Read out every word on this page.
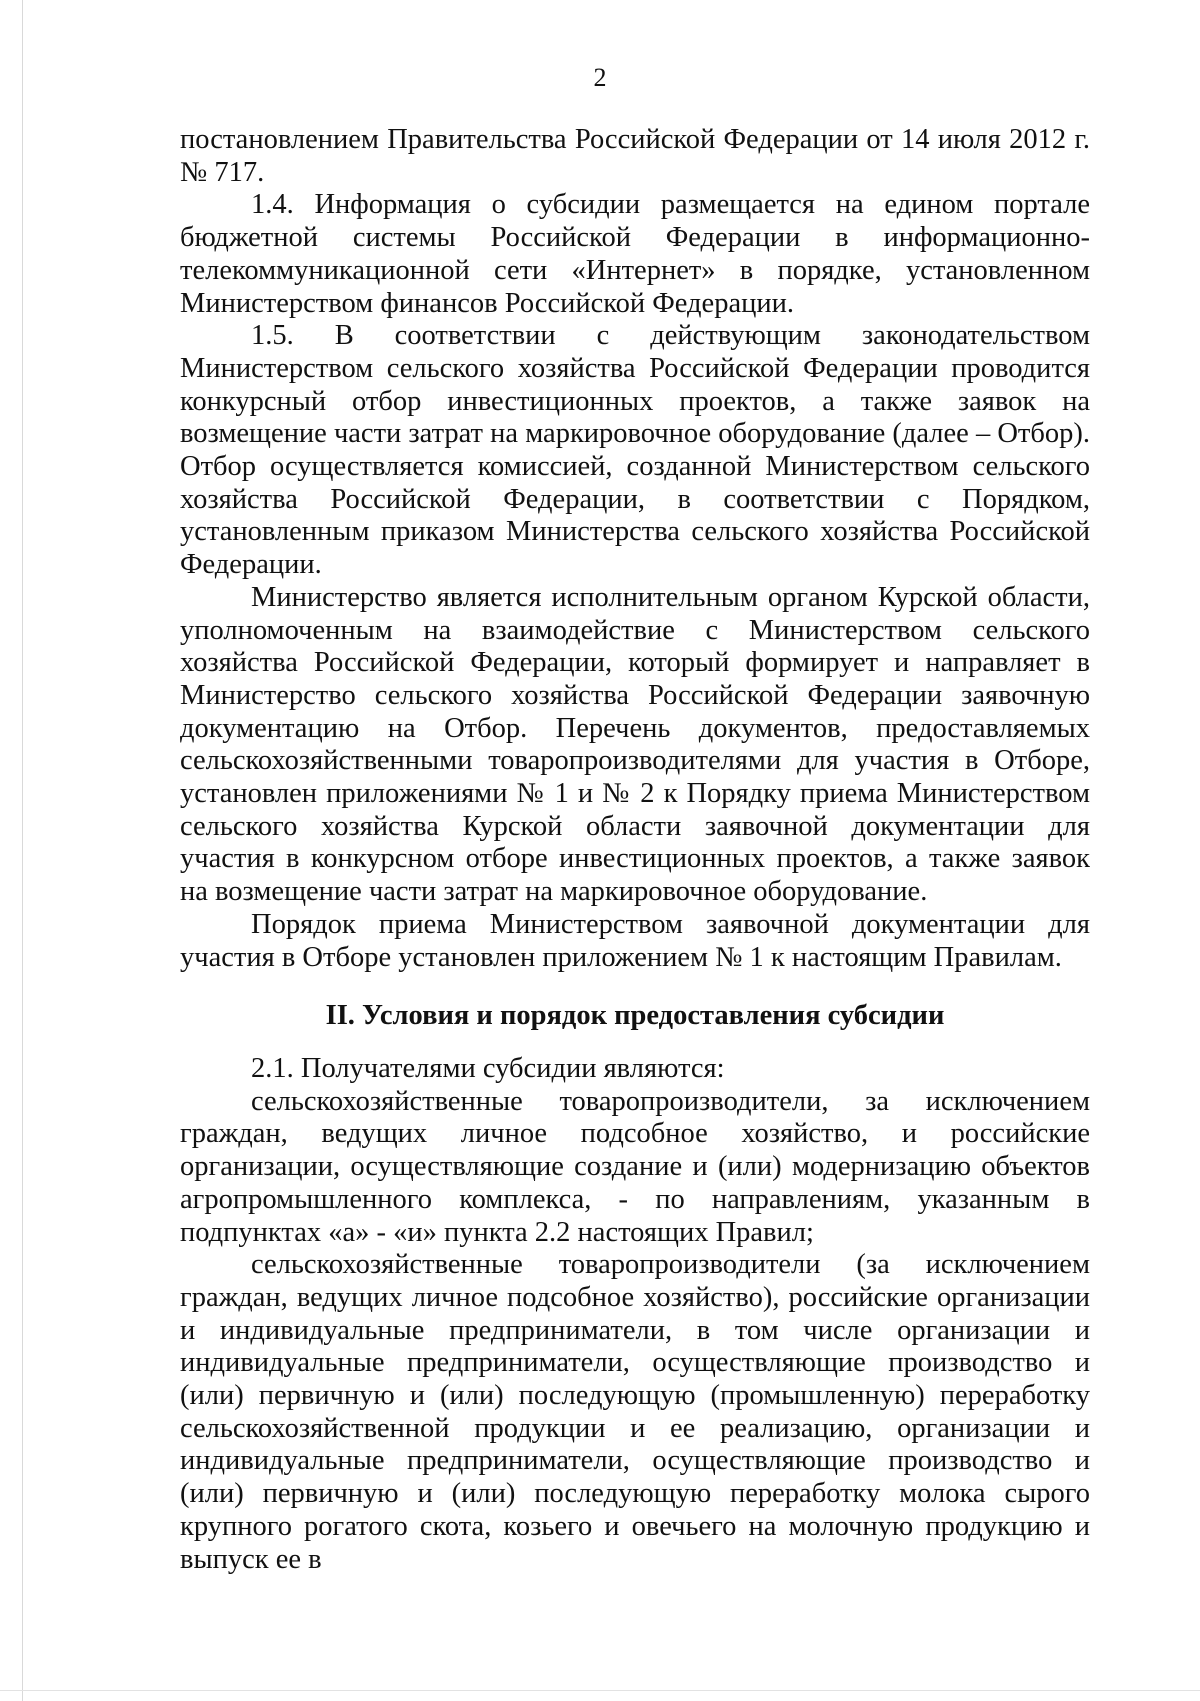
2

постановлением Правительства Российской Федерации от 14 июля 2012 г. № 717.

1.4. Информация о субсидии размещается на едином портале бюджетной системы Российской Федерации в информационно-телекоммуникационной сети «Интернет» в порядке, установленном Министерством финансов Российской Федерации.

1.5. В соответствии с действующим законодательством Министерством сельского хозяйства Российской Федерации проводится конкурсный отбор инвестиционных проектов, а также заявок на возмещение части затрат на маркировочное оборудование (далее – Отбор). Отбор осуществляется комиссией, созданной Министерством сельского хозяйства Российской Федерации, в соответствии с Порядком, установленным приказом Министерства сельского хозяйства Российской Федерации.

Министерство является исполнительным органом Курской области, уполномоченным на взаимодействие с Министерством сельского хозяйства Российской Федерации, который формирует и направляет в Министерство сельского хозяйства Российской Федерации заявочную документацию на Отбор. Перечень документов, предоставляемых сельскохозяйственными товаропроизводителями для участия в Отборе, установлен приложениями № 1 и № 2 к Порядку приема Министерством сельского хозяйства Курской области заявочной документации для участия в конкурсном отборе инвестиционных проектов, а также заявок на возмещение части затрат на маркировочное оборудование.

Порядок приема Министерством заявочной документации для участия в Отборе установлен приложением № 1 к настоящим Правилам.

II. Условия и порядок предоставления субсидии

2.1. Получателями субсидии являются:

сельскохозяйственные товаропроизводители, за исключением граждан, ведущих личное подсобное хозяйство, и российские организации, осуществляющие создание и (или) модернизацию объектов агропромышленного комплекса, - по направлениям, указанным в подпунктах «а» - «и» пункта 2.2 настоящих Правил;

сельскохозяйственные товаропроизводители (за исключением граждан, ведущих личное подсобное хозяйство), российские организации и индивидуальные предприниматели, в том числе организации и индивидуальные предприниматели, осуществляющие производство и (или) первичную и (или) последующую (промышленную) переработку сельскохозяйственной продукции и ее реализацию, организации и индивидуальные предприниматели, осуществляющие производство и (или) первичную и (или) последующую переработку молока сырого крупного рогатого скота, козьего и овечьего на молочную продукцию и выпуск ее в
